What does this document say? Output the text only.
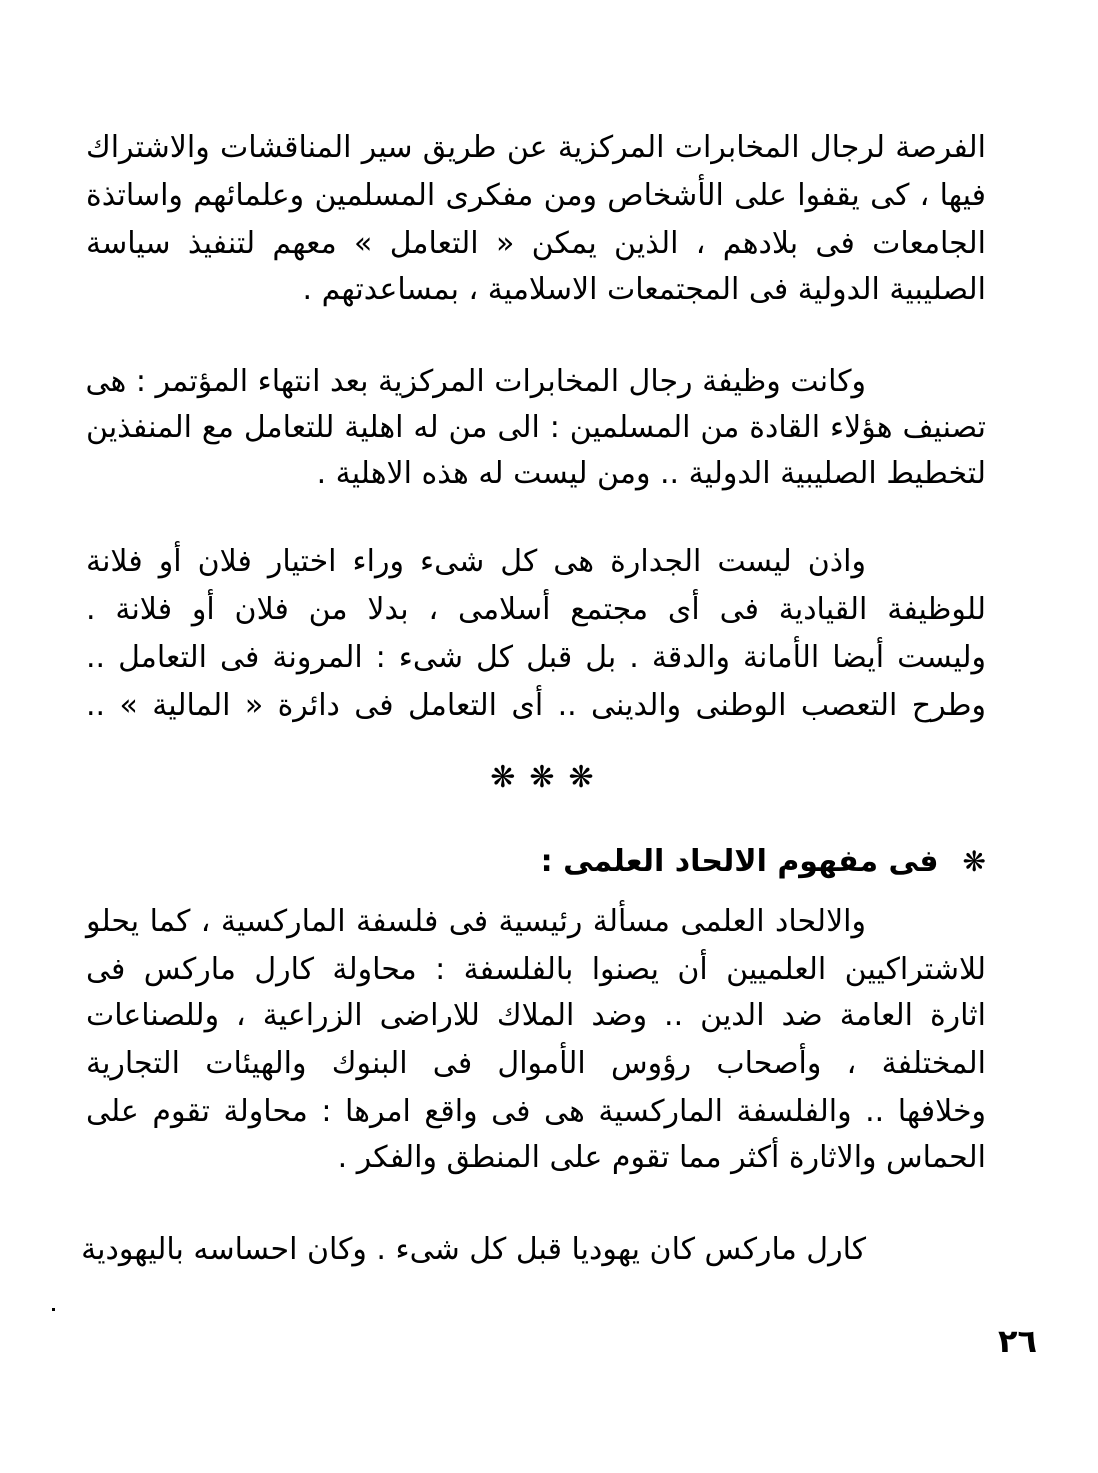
الفرصة لرجال المخابرات المركزية عن طريق سير المناقشات والاشتراك
فيها ، كى يقفوا على الأشخاص ومن مفكرى المسلمين وعلمائهم واساتذة
الجامعات فى بلادهم ، الذين يمكن « التعامل » معهم لتنفيذ سياسة
الصليبية الدولية فى المجتمعات الاسلامية ، بمساعدتهم .
وكانت وظيفة رجال المخابرات المركزية بعد انتهاء المؤتمر : هى
تصنيف هؤلاء القادة من المسلمين : الى من له اهلية للتعامل مع المنفذين
لتخطيط الصليبية الدولية .. ومن ليست له هذه الاهلية .
واذن ليست الجدارة هى كل شىء وراء اختيار فلان أو فلانة
للوظيفة القيادية فى أى مجتمع أسلامى ، بدلا من فلان أو فلانة .
وليست أيضا الأمانة والدقة . بل قبل كل شىء : المرونة فى التعامل ..
وطرح التعصب الوطنى والدينى .. أى التعامل فى دائرة « المالية » ..
❋❋❋
❋فى مفهوم الالحاد العلمى :
والالحاد العلمى مسألة رئيسية فى فلسفة الماركسية ، كما يحلو
للاشتراكيين العلميين أن يصنوا بالفلسفة : محاولة كارل ماركس فى
اثارة العامة ضد الدين .. وضد الملاك للاراضى الزراعية ، وللصناعات
المختلفة ، وأصحاب رؤوس الأموال فى البنوك والهيئات التجارية
وخلافها .. والفلسفة الماركسية هى فى واقع امرها : محاولة تقوم على
الحماس والاثارة أكثر مما تقوم على المنطق والفكر .
كارل ماركس كان يهوديا قبل كل شىء . وكان احساسه باليهودية
٢٦
